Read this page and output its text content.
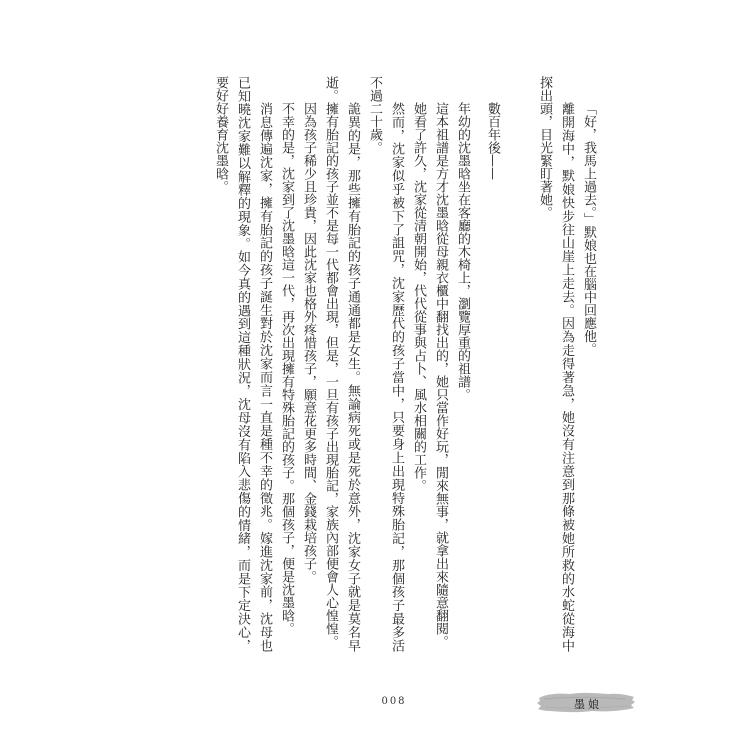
「好，我馬上過去。」默娘也在腦中回應他。
離開海中，默娘快步往山崖上走去。因為走得著急，她沒有注意到那條被她所救的水蛇從海中
探出頭，目光緊盯著她。
數百年後——
年幼的沈墨晗坐在客廳的木椅上，瀏覽厚重的祖譜。
這本祖譜是方才沈墨晗從母親衣櫃中翻找出的，她只當作好玩，閒來無事，就拿出來隨意翻閱。
她看了許久，沈家從清朝開始，代代從事與占卜、風水相關的工作。
然而，沈家似乎被下了詛咒，沈家歷代的孩子當中，只要身上出現特殊胎記，那個孩子最多活
不過二十歲。
詭異的是，那些擁有胎記的孩子通通都是女生。無論病死或是死於意外，沈家女子就是莫名早
逝。擁有胎記的孩子並不是每一代都會出現，但是，一旦有孩子出現胎記，家族內部便會人心惶惶。
因為孩子稀少且珍貴，因此沈家也格外疼惜孩子，願意花更多時間、金錢栽培孩子。
不幸的是，沈家到了沈墨晗這一代，再次出現擁有特殊胎記的孩子。那個孩子，便是沈墨晗。
消息傳遍沈家，擁有胎記的孩子誕生對於沈家而言一直是種不幸的徵兆。嫁進沈家前，沈母也
已知曉沈家難以解釋的現象。如今真的遇到這種狀況，沈母沒有陷入悲傷的情緒，而是下定決心，
要好好養育沈墨晗。
008	墨娘
